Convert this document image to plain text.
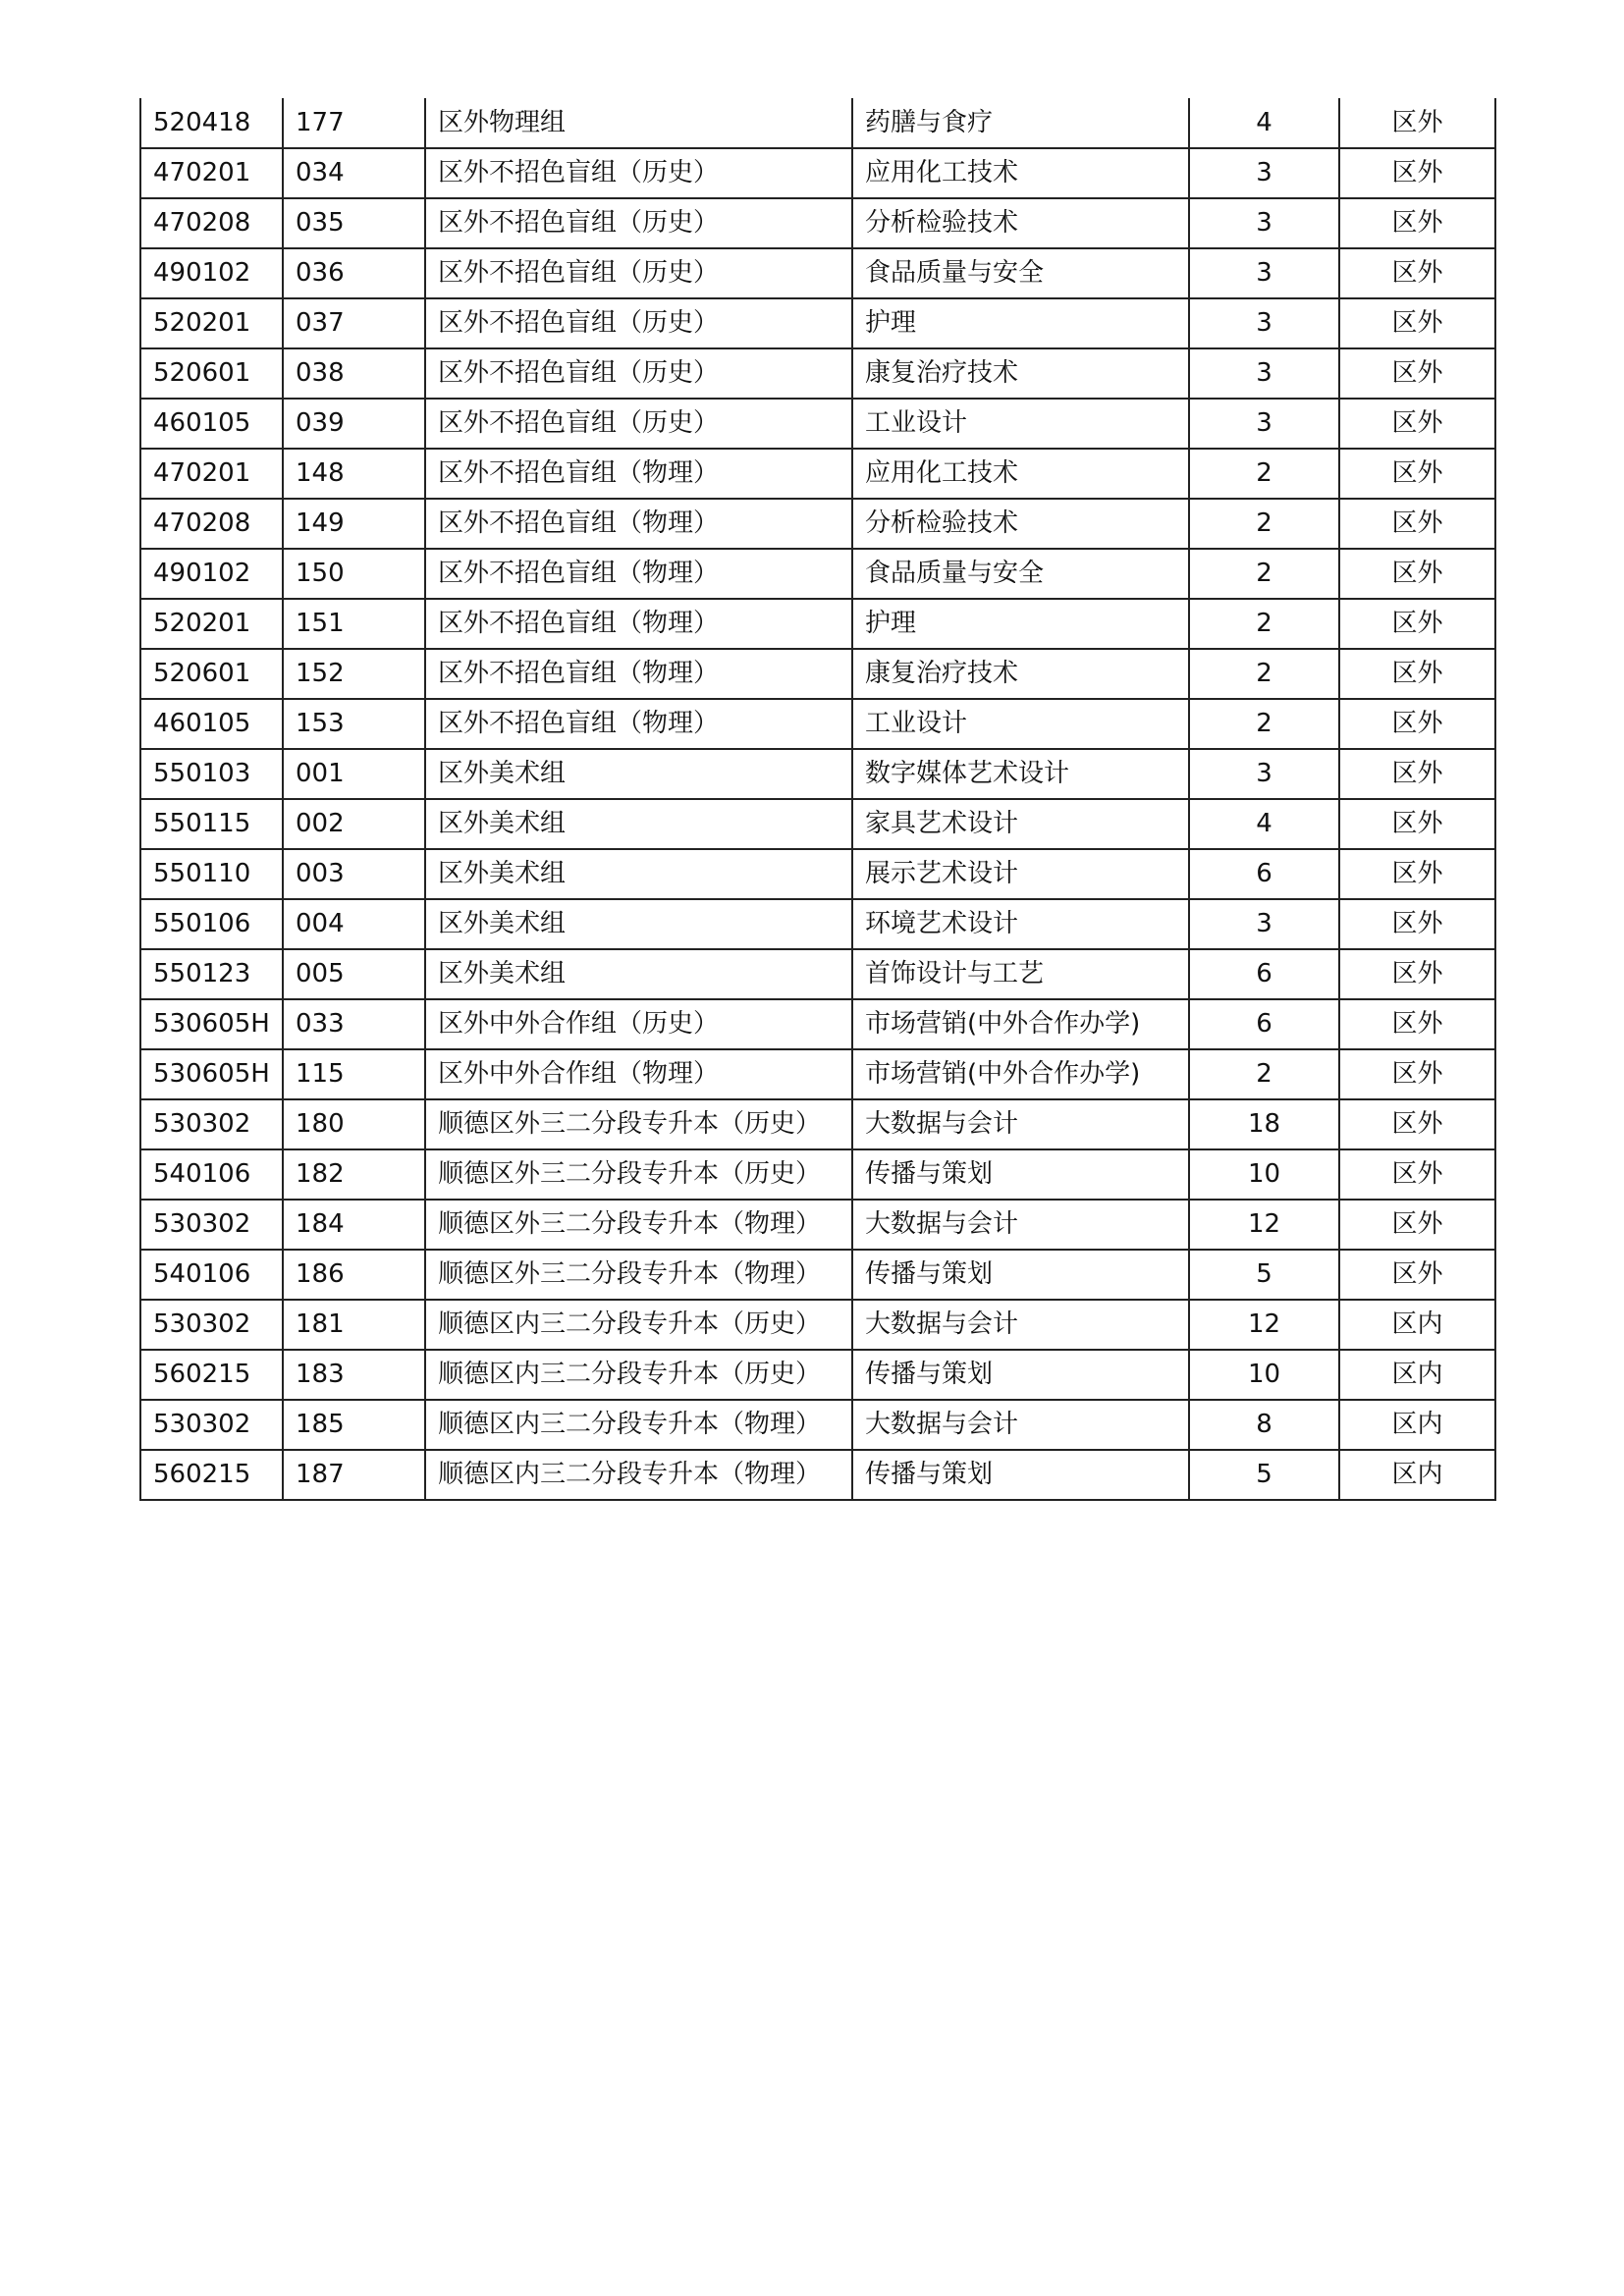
520418	177	区外物理组	药膳与食疗	4	区外
470201	034	区外不招色盲组（历史）	应用化工技术	3	区外
470208	035	区外不招色盲组（历史）	分析检验技术	3	区外
490102	036	区外不招色盲组（历史）	食品质量与安全	3	区外
520201	037	区外不招色盲组（历史）	护理	3	区外
520601	038	区外不招色盲组（历史）	康复治疗技术	3	区外
460105	039	区外不招色盲组（历史）	工业设计	3	区外
470201	148	区外不招色盲组（物理）	应用化工技术	2	区外
470208	149	区外不招色盲组（物理）	分析检验技术	2	区外
490102	150	区外不招色盲组（物理）	食品质量与安全	2	区外
520201	151	区外不招色盲组（物理）	护理	2	区外
520601	152	区外不招色盲组（物理）	康复治疗技术	2	区外
460105	153	区外不招色盲组（物理）	工业设计	2	区外
550103	001	区外美术组	数字媒体艺术设计	3	区外
550115	002	区外美术组	家具艺术设计	4	区外
550110	003	区外美术组	展示艺术设计	6	区外
550106	004	区外美术组	环境艺术设计	3	区外
550123	005	区外美术组	首饰设计与工艺	6	区外
530605H	033	区外中外合作组（历史）	市场营销(中外合作办学)	6	区外
530605H	115	区外中外合作组（物理）	市场营销(中外合作办学)	2	区外
530302	180	顺德区外三二分段专升本（历史）	大数据与会计	18	区外
540106	182	顺德区外三二分段专升本（历史）	传播与策划	10	区外
530302	184	顺德区外三二分段专升本（物理）	大数据与会计	12	区外
540106	186	顺德区外三二分段专升本（物理）	传播与策划	5	区外
530302	181	顺德区内三二分段专升本（历史）	大数据与会计	12	区内
560215	183	顺德区内三二分段专升本（历史）	传播与策划	10	区内
530302	185	顺德区内三二分段专升本（物理）	大数据与会计	8	区内
560215	187	顺德区内三二分段专升本（物理）	传播与策划	5	区内
